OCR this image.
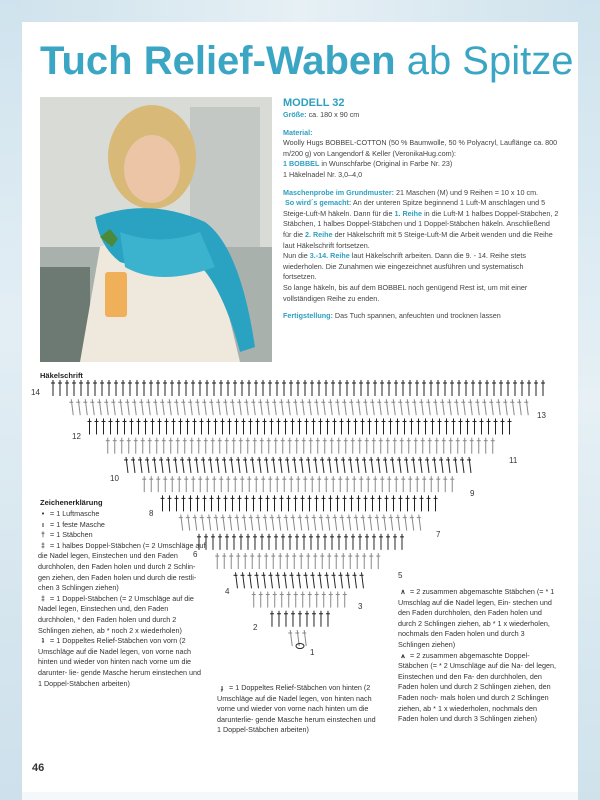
Tuch Relief-Waben ab Spitze

MODELL 32

Größe: ca. 180 x 90 cm

Material:

Woolly Hugs BOBBEL-COTTON (50 % Baumwolle, 50 % Polyacryl, Lauflänge ca. 800 m/200 g) von Langendorf & Keller (VeronikaHug.com):

1 BOBBEL in Wunschfarbe (Original in Farbe Nr. 23)

1 Häkelnadel Nr. 3,0–4,0

Maschenprobe im Grundmuster: 21 Maschen (M) und 9 Reihen = 10 x 10 cm.

So wird´s gemacht: An der unteren Spitze beginnend 1 Luft-M anschlagen und 5 Steige-Luft-M häkeln. Dann für die 1. Reihe in die Luft-M 1 halbes Doppel-Stäbchen, 2 Stäbchen, 1 halbes Doppel-Stäbchen und 1 Doppel-Stäbchen häkeln. Anschließend für die 2. Reihe der Häkelschrift mit 5 Steige-Luft-M die Arbeit wenden und die Reihe laut Häkelschrift fortsetzen.

Nun die 3.-14. Reihe laut Häkelschrift arbeiten. Dann die 9. - 14. Reihe stets wiederholen. Die Zunahmen wie eingezeichnet ausführen und systematisch fortsetzen.

So lange häkeln, bis auf dem BOBBEL noch genügend Rest ist, um mit einer vollständigen Reihe zu enden.

Fertigstellung: Das Tuch spannen, anfeuchten und trocknen lassen

Häkelschrift
14
13
12
11
10
9
8
7
6
5
4
3
2
1
Zeichenerklärung

• = 1 Luftmasche

ı = 1 feste Masche

† = 1 Stäbchen

‡ = 1 halbes Doppel-Stäbchen (= 2 Umschläge auf die Nadel legen, Einstechen und den Faden durchholen, den Faden holen und durch 2 Schlin- gen ziehen, den Faden holen und durch die restli- chen 3 Schlingen ziehen)

‡ = 1 Doppel-Stäbchen (= 2 Umschläge auf die Nadel legen, Einstechen und, den Faden durchholen, * den Faden holen und durch 2 Schlingen ziehen, ab * noch 2 x wiederholen)

ʇ = 1 Doppeltes Relief-Stäbchen von vorn (2 Umschläge auf die Nadel legen, von vorne nach hinten und wieder von hinten nach vorne um die darunter- lie- gende Masche herum einstechen und 1 Doppel-Stäbchen arbeiten)	ɟ = 1 Doppeltes Relief-Stäbchen von hinten (2 Umschläge auf die Nadel legen, von hinten nach vorne und wieder von vorne nach hinten um die darunterlie- gende Masche herum einstechen und 1 Doppel-Stäbchen arbeiten)

∧ = 2 zusammen abgemaschte Stäbchen (= * 1 Umschlag auf die Nadel legen, Ein- stechen und den Faden durchholen, den Faden holen und durch 2 Schlingen ziehen, ab * 1 x wiederholen, nochmals den Faden holen und durch 3 Schlingen ziehen)

⩚ = 2 zusammen abgemaschte Doppel- Stäbchen (= * 2 Umschläge auf die Na- del legen, Einstechen und den Fa- den durchholen, den Faden holen und durch 2 Schlingen ziehen, den Faden noch- mals holen und durch 2 Schlingen ziehen, ab * 1 x wiederholen, nochmals den Faden holen und durch 3 Schlingen ziehen)

46
PassionForum.ru
